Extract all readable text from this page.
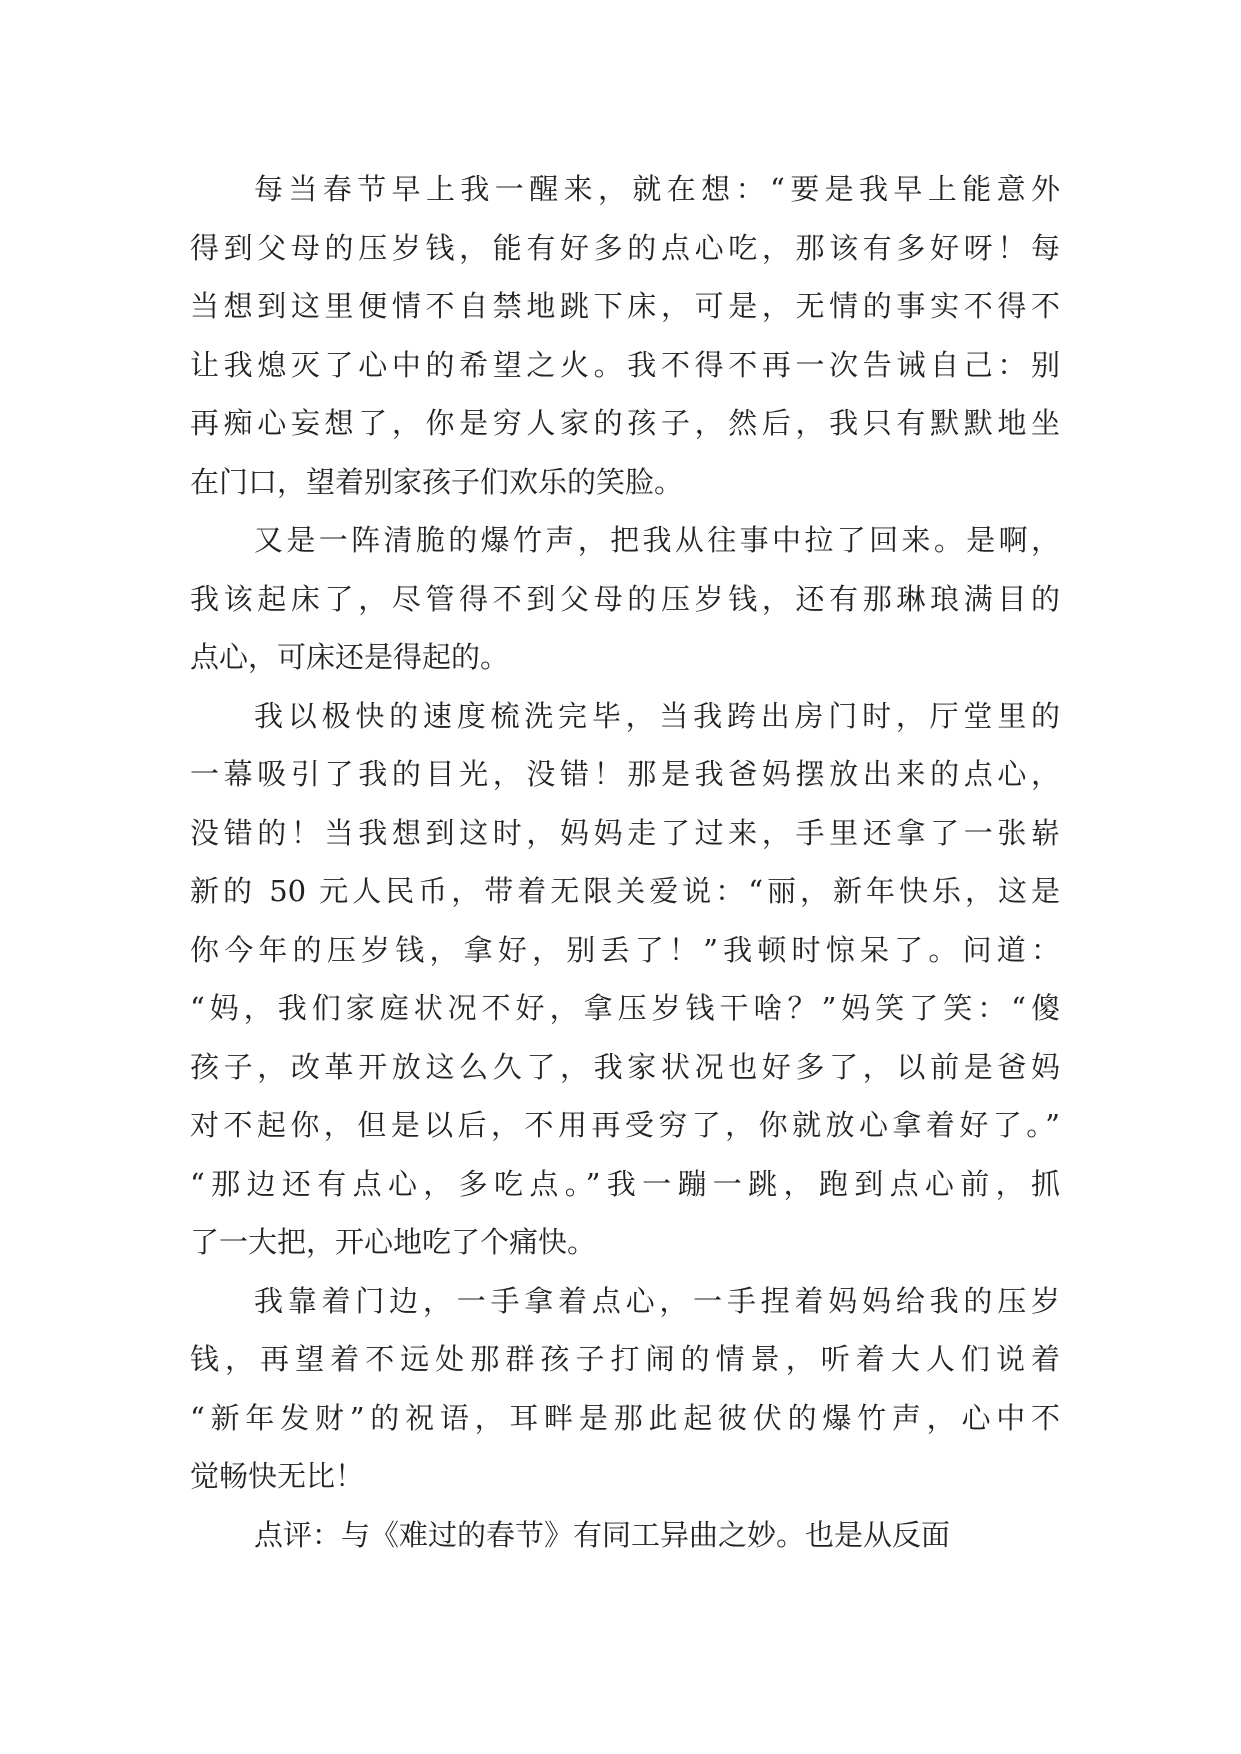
每当春节早上我一醒来，就在想：“要是我早上能意外
得到父母的压岁钱，能有好多的点心吃，那该有多好呀！每
当想到这里便情不自禁地跳下床，可是，无情的事实不得不
让我熄灭了心中的希望之火。我不得不再一次告诫自己：别
再痴心妄想了，你是穷人家的孩子，然后，我只有默默地坐
在门口，望着别家孩子们欢乐的笑脸。
又是一阵清脆的爆竹声，把我从往事中拉了回来。是啊，
我该起床了，尽管得不到父母的压岁钱，还有那琳琅满目的
点心，可床还是得起的。
我以极快的速度梳洗完毕，当我跨出房门时，厅堂里的
一幕吸引了我的目光，没错！那是我爸妈摆放出来的点心，
没错的！当我想到这时，妈妈走了过来，手里还拿了一张崭
新的 50 元人民币，带着无限关爱说：“丽，新年快乐，这是
你今年的压岁钱，拿好，别丢了！”我顿时惊呆了。问道：
“妈，我们家庭状况不好，拿压岁钱干啥？”妈笑了笑：“傻
孩子，改革开放这么久了，我家状况也好多了，以前是爸妈
对不起你，但是以后，不用再受穷了，你就放心拿着好了。”
“那边还有点心，多吃点。”我一蹦一跳，跑到点心前，抓
了一大把，开心地吃了个痛快。
我靠着门边，一手拿着点心，一手捏着妈妈给我的压岁
钱，再望着不远处那群孩子打闹的情景，听着大人们说着
“新年发财”的祝语，耳畔是那此起彼伏的爆竹声，心中不
觉畅快无比！
点评：与《难过的春节》有同工异曲之妙。也是从反面
